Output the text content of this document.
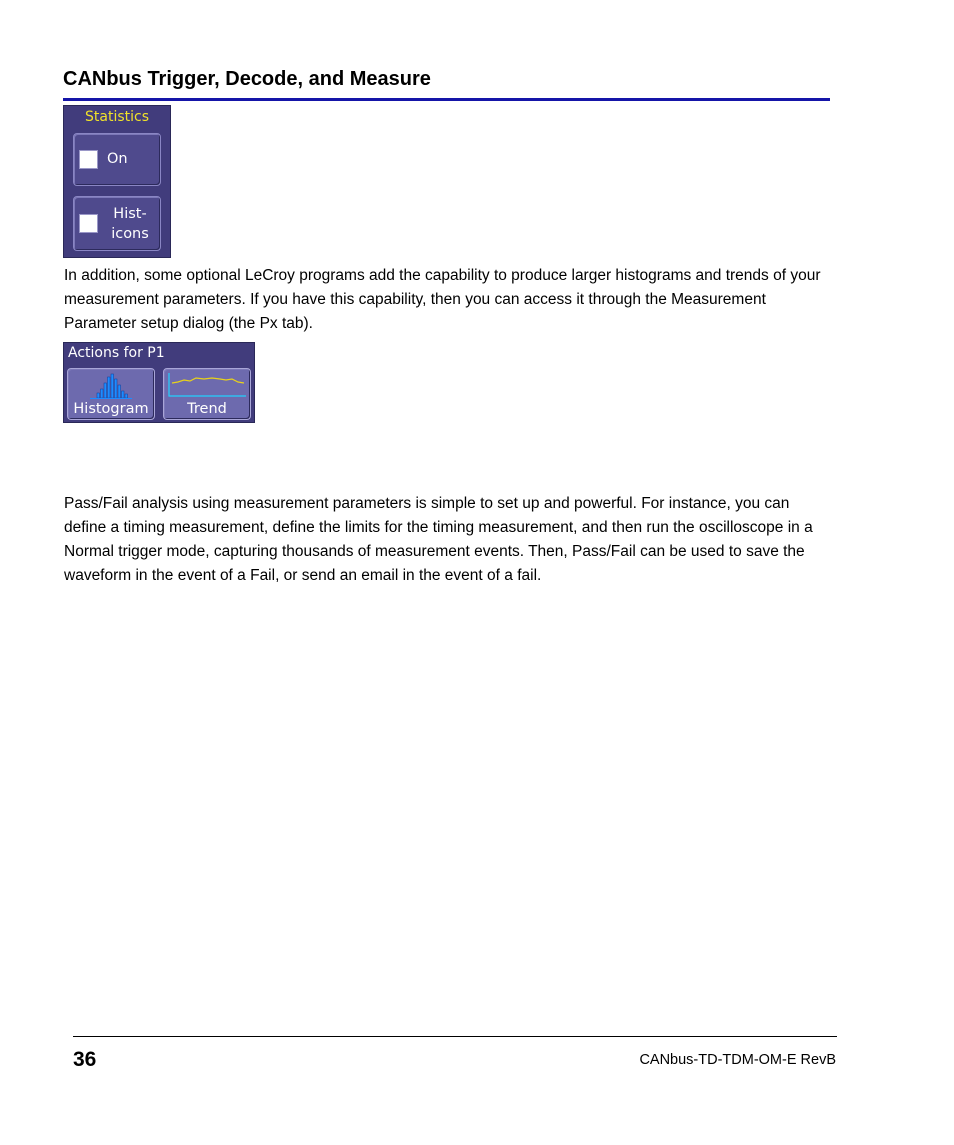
CANbus Trigger, Decode, and Measure
Statistics
On
Hist-
icons

In addition, some optional LeCroy programs add the capability to produce larger histograms and trends of your measurement parameters. If you have this capability, then you can access it through the Measurement Parameter setup dialog (the Px tab).

Actions for P1
Histogram	Trend

Pass/Fail analysis using measurement parameters is simple to set up and powerful. For instance, you can define a timing measurement, define the limits for the timing measurement, and then run the oscilloscope in a Normal trigger mode, capturing thousands of measurement events. Then, Pass/Fail can be used to save the waveform in the event of a Fail, or send an email in the event of a fail.

36	CANbus-TD-TDM-OM-E RevB
